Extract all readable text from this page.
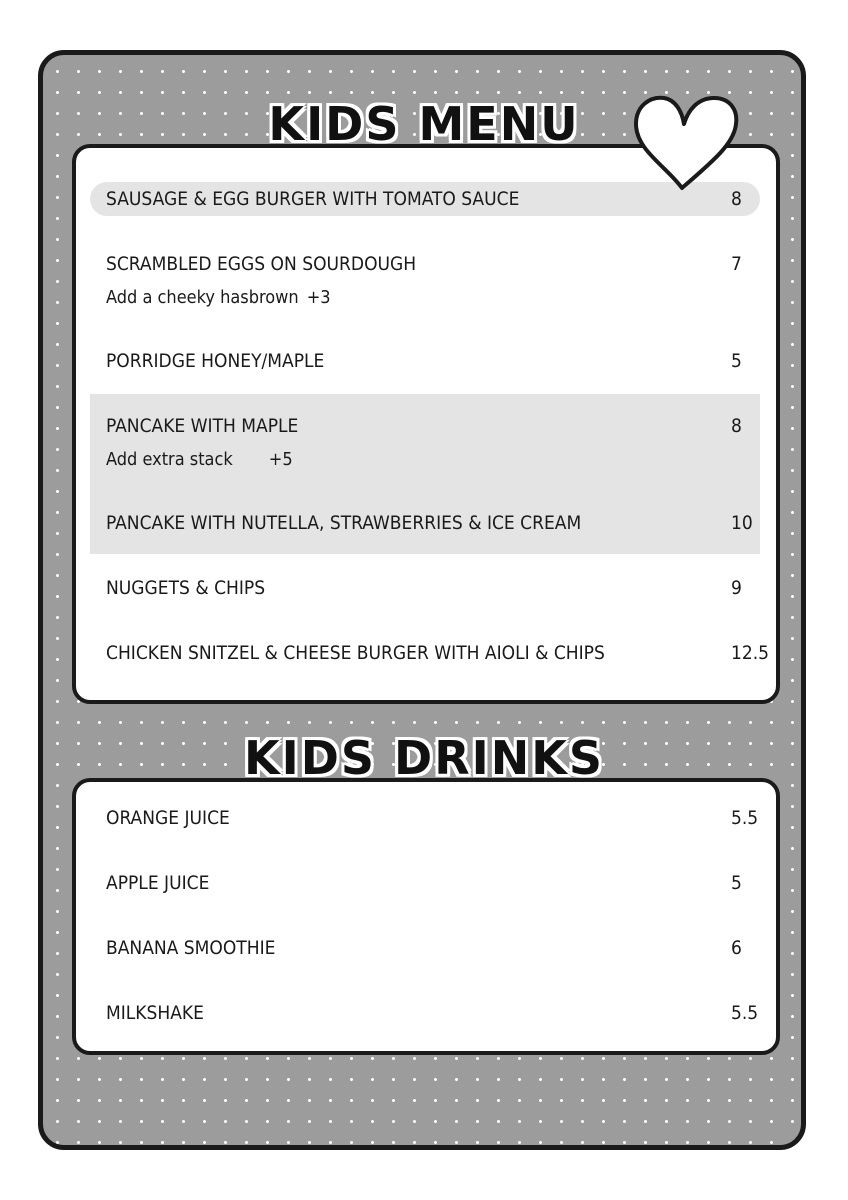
SAUSAGE & EGG BURGER WITH TOMATO SAUCE	8
SCRAMBLED EGGS ON SOURDOUGH	7
Add a cheeky hasbrown +3
PORRIDGE HONEY/MAPLE	5
PANCAKE WITH MAPLE	8
Add extra stack +5
PANCAKE WITH NUTELLA, STRAWBERRIES & ICE CREAM	10
NUGGETS & CHIPS	9
CHICKEN SNITZEL & CHEESE BURGER WITH AIOLI & CHIPS	12.5
KIDS MENU
ORANGE JUICE	5.5
APPLE JUICE	5
BANANA SMOOTHIE	6
MILKSHAKE	5.5
KIDS DRINKS
